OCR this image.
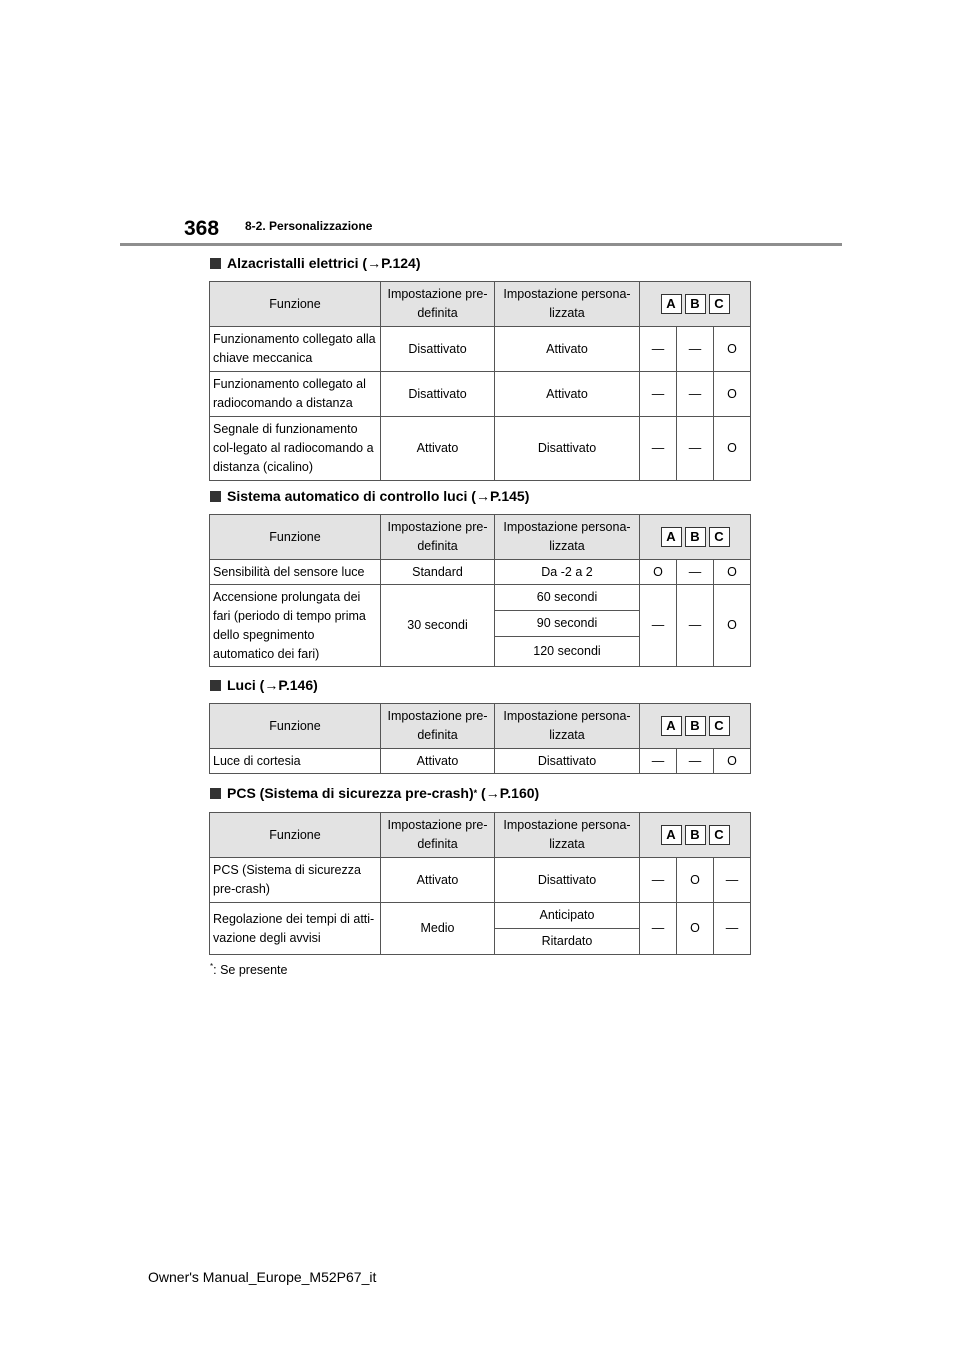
368 8-2. Personalizzazione
Alzacristalli elettrici ( → P.124)
Funzione	Impostazione pre-definita	Impostazione persona-lizzata	A B C		

Funzionamento collegato alla chiave meccanica	Disattivato	Attivato	—	—	O
Funzionamento collegato al radiocomando a distanza	Disattivato	Attivato	—	—	O
Segnale di funzionamento col-legato al radiocomando a distanza (cicalino)	Attivato	Disattivato	—	—	O
Sistema automatico di controllo luci ( → P.145)
Funzione	Impostazione pre-definita	Impostazione persona-lizzata	A B C		

Sensibilità del sensore luce	Standard	Da -2 a 2	O	—	O
Accensione prolungata dei fari (periodo di tempo prima dello spegnimento automatico dei fari)	30 secondi	60 secondi	—	—	O
		90 secondi			
		120 secondi			
Luci ( → P.146)
Funzione	Impostazione pre-definita	Impostazione persona-lizzata	A B C		

Luce di cortesia	Attivato	Disattivato	—	—	O
PCS (Sistema di sicurezza pre-crash) * ( → P.160)
Funzione	Impostazione pre-definita	Impostazione persona-lizzata	A B C		

PCS (Sistema di sicurezza pre-crash)	Attivato	Disattivato	—	O	—
Regolazione dei tempi di atti-vazione degli avvisi	Medio	Anticipato	—	O	—
		Ritardato			
*: Se presente
Owner's Manual_Europe_M52P67_it
